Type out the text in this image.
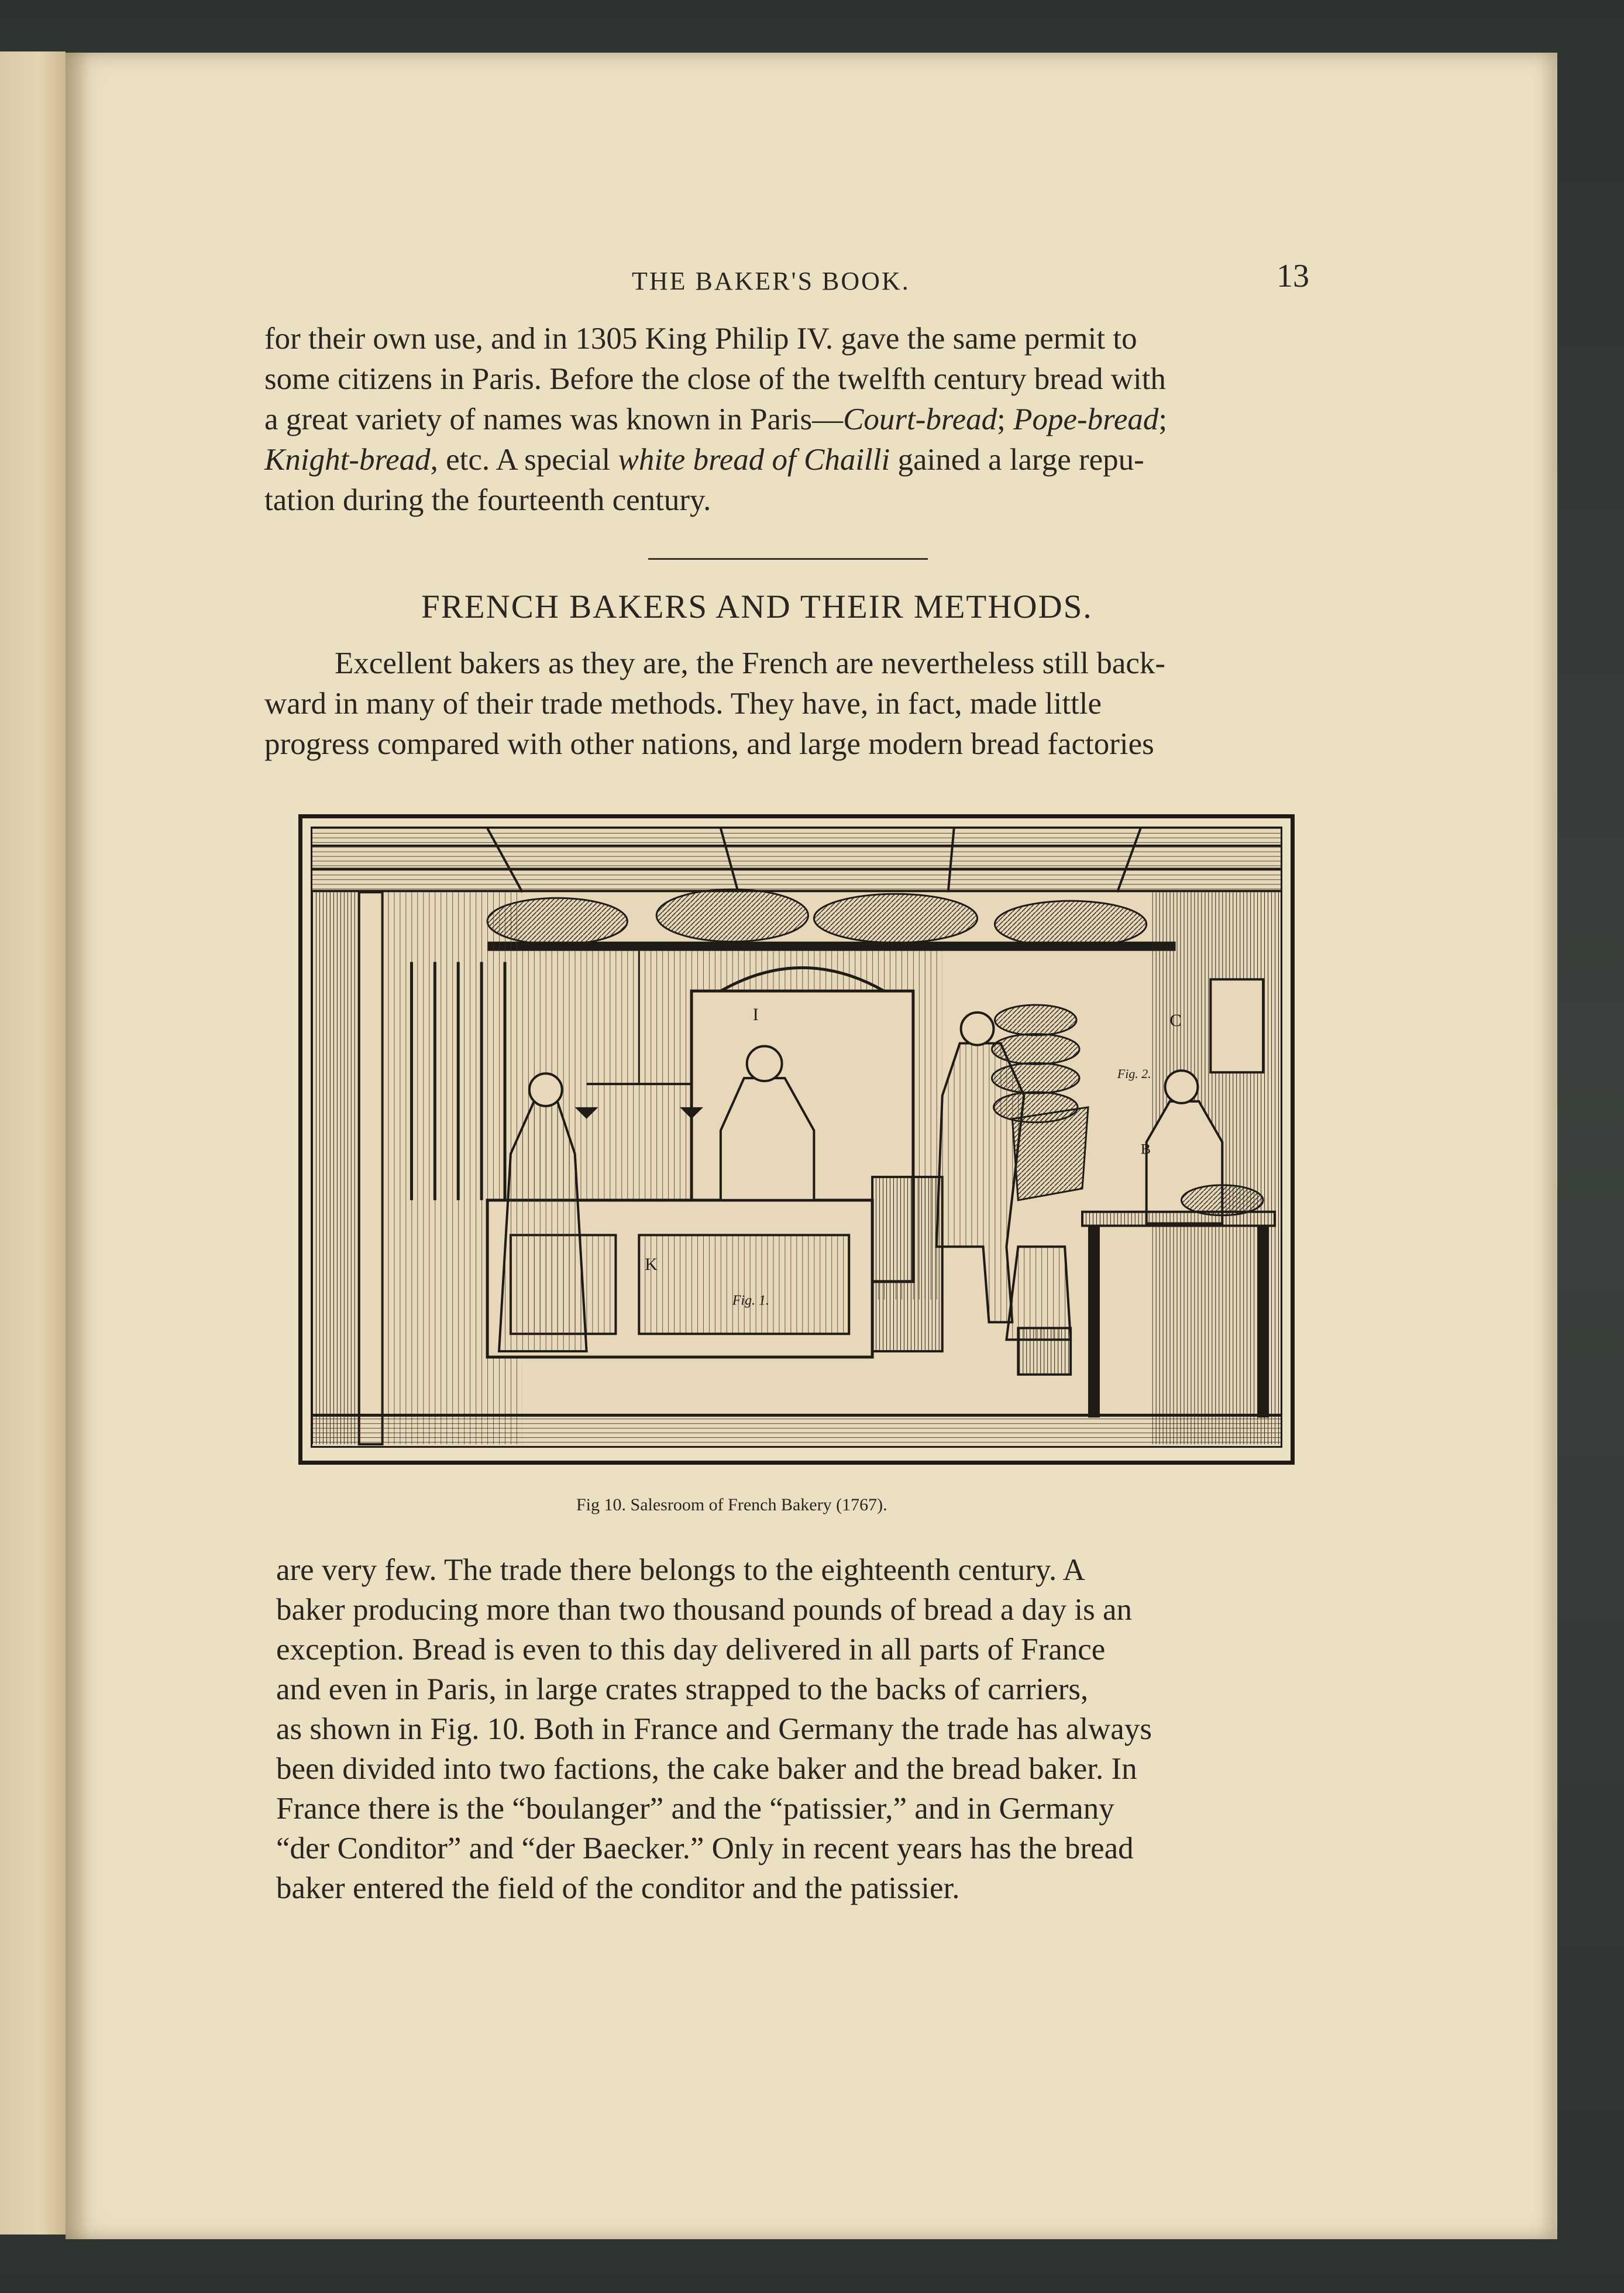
THE BAKER'S BOOK.	13

for their own use, and in 1305 King Philip IV. gave the same permit to

some citizens in Paris. Before the close of the twelfth century bread with

a great variety of names was known in Paris—Court-bread; Pope-bread;

Knight-bread, etc. A special white bread of Chailli gained a large repu-

tation during the fourteenth century.

FRENCH BAKERS AND THEIR METHODS.

Excellent bakers as they are, the French are nevertheless still back-

ward in many of their trade methods. They have, in fact, made little

progress compared with other nations, and large modern bread factories

K
I	C
B
Fig. 1.
Fig. 2.
Fig 10. Salesroom of French Bakery (1767).

are very few. The trade there belongs to the eighteenth century. A

baker producing more than two thousand pounds of bread a day is an

exception. Bread is even to this day delivered in all parts of France

and even in Paris, in large crates strapped to the backs of carriers,

as shown in Fig. 10. Both in France and Germany the trade has always

been divided into two factions, the cake baker and the bread baker. In

France there is the “boulanger” and the “patissier,” and in Germany

“der Conditor” and “der Baecker.” Only in recent years has the bread

baker entered the field of the conditor and the patissier.
